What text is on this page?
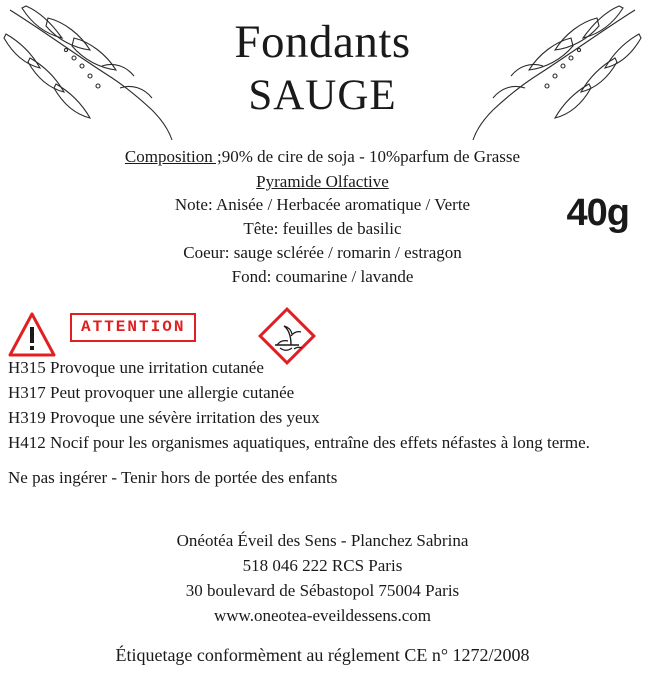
Fondants
SAUGE
40g
Composition ;90% de cire de soja - 10%parfum de Grasse
Pyramide Olfactive
Note: Anisée / Herbacée aromatique / Verte
Tête: feuilles de basilic
Coeur: sauge sclérée / romarin / estragon
Fond: coumarine / lavande
ATTENTION

H315 Provoque une irritation cutanée

H317 Peut provoquer une allergie cutanée

H319 Provoque une sévère irritation des yeux

H412 Nocif pour les organismes aquatiques, entraîne des effets néfastes à long terme.

Ne pas ingérer - Tenir hors de portée des enfants

Onéotéa Éveil des Sens - Planchez Sabrina
518 046 222 RCS Paris
30 boulevard de Sébastopol 75004 Paris
www.oneotea-eveildessens.com
Étiquetage conformèment au réglement CE n° 1272/2008
